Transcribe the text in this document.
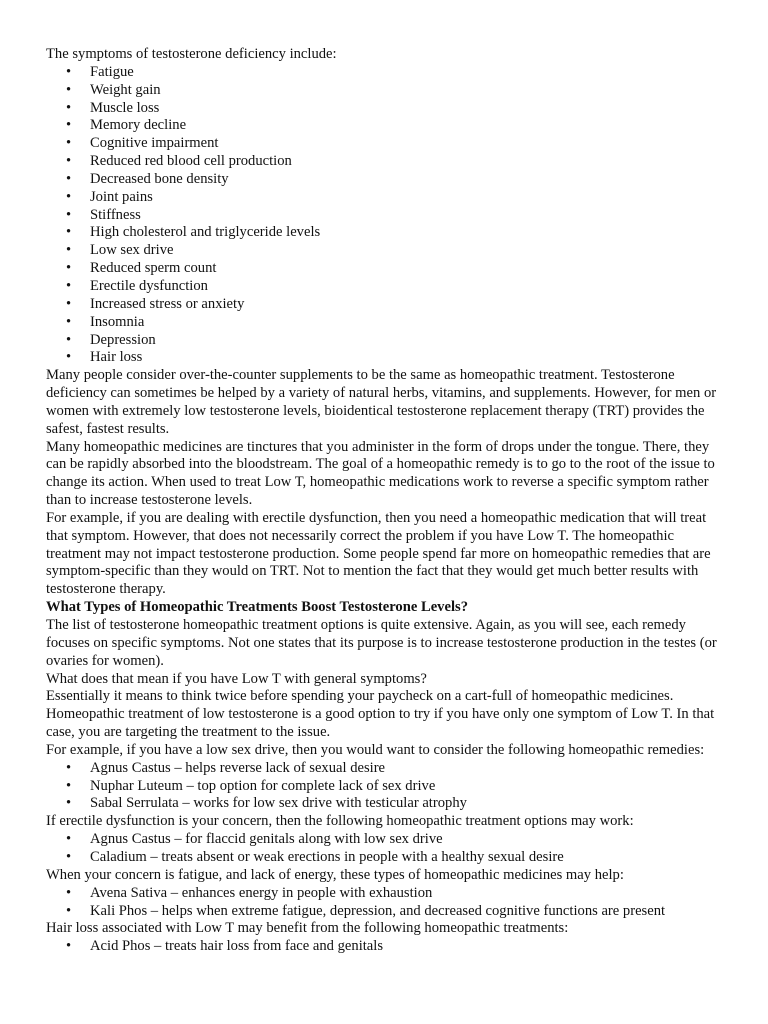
The symptoms of testosterone deficiency include:

• Fatigue
• Weight gain
• Muscle loss
• Memory decline
• Cognitive impairment
• Reduced red blood cell production
• Decreased bone density
• Joint pains
• Stiffness
• High cholesterol and triglyceride levels
• Low sex drive
• Reduced sperm count
• Erectile dysfunction
• Increased stress or anxiety
• Insomnia
• Depression
• Hair loss

Many people consider over-the-counter supplements to be the same as homeopathic treatment. Testosterone deficiency can sometimes be helped by a variety of natural herbs, vitamins, and supplements. However, for men or women with extremely low testosterone levels, bioidentical testosterone replacement therapy (TRT) provides the safest, fastest results.

Many homeopathic medicines are tinctures that you administer in the form of drops under the tongue. There, they can be rapidly absorbed into the bloodstream. The goal of a homeopathic remedy is to go to the root of the issue to change its action. When used to treat Low T, homeopathic medications work to reverse a specific symptom rather than to increase testosterone levels.

For example, if you are dealing with erectile dysfunction, then you need a homeopathic medication that will treat that symptom. However, that does not necessarily correct the problem if you have Low T. The homeopathic treatment may not impact testosterone production. Some people spend far more on homeopathic remedies that are symptom-specific than they would on TRT. Not to mention the fact that they would get much better results with testosterone therapy.

What Types of Homeopathic Treatments Boost Testosterone Levels?

The list of testosterone homeopathic treatment options is quite extensive. Again, as you will see, each remedy focuses on specific symptoms. Not one states that its purpose is to increase testosterone production in the testes (or ovaries for women).

What does that mean if you have Low T with general symptoms?

Essentially it means to think twice before spending your paycheck on a cart-full of homeopathic medicines. Homeopathic treatment of low testosterone is a good option to try if you have only one symptom of Low T. In that case, you are targeting the treatment to the issue.

For example, if you have a low sex drive, then you would want to consider the following homeopathic remedies:

• Agnus Castus – helps reverse lack of sexual desire
• Nuphar Luteum – top option for complete lack of sex drive
• Sabal Serrulata – works for low sex drive with testicular atrophy

If erectile dysfunction is your concern, then the following homeopathic treatment options may work:

• Agnus Castus – for flaccid genitals along with low sex drive
• Caladium – treats absent or weak erections in people with a healthy sexual desire

When your concern is fatigue, and lack of energy, these types of homeopathic medicines may help:

• Avena Sativa – enhances energy in people with exhaustion
• Kali Phos – helps when extreme fatigue, depression, and decreased cognitive functions are present

Hair loss associated with Low T may benefit from the following homeopathic treatments:

• Acid Phos – treats hair loss from face and genitals
